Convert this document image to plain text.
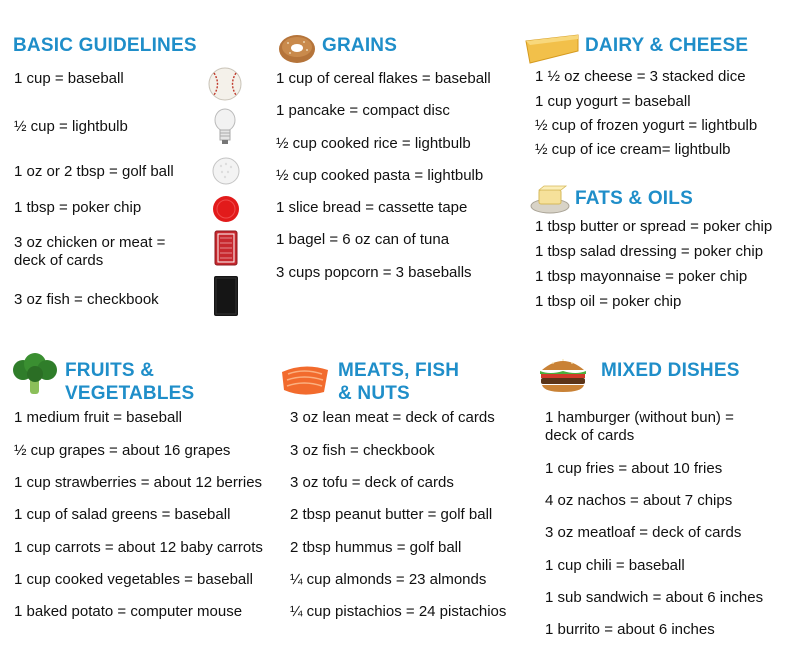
BASIC GUIDELINES
1 cup = baseball
½ cup = lightbulb
1 oz or 2 tbsp = golf ball
1 tbsp = poker chip
3 oz chicken or meat = deck of cards
3 oz fish = checkbook
GRAINS
1 cup of cereal flakes = baseball
1 pancake = compact disc
½ cup cooked rice = lightbulb
½ cup cooked pasta = lightbulb
1 slice bread = cassette tape
1 bagel = 6 oz can of tuna
3 cups popcorn = 3 baseballs
DAIRY & CHEESE
1 ½ oz cheese = 3 stacked dice
1 cup yogurt = baseball
½ cup of frozen yogurt = lightbulb
½ cup of ice cream= lightbulb
FATS & OILS
1 tbsp butter or spread = poker chip
1 tbsp salad dressing = poker chip
1 tbsp mayonnaise = poker chip
1 tbsp oil = poker chip
FRUITS &
VEGETABLES
1 medium fruit = baseball
½ cup grapes = about 16 grapes
1 cup strawberries = about 12 berries
1 cup of salad greens = baseball
1 cup carrots = about 12 baby carrots
1 cup cooked vegetables = baseball
1 baked potato = computer mouse
MEATS, FISH
& NUTS
3 oz lean meat = deck of cards
3 oz fish = checkbook
3 oz tofu = deck of cards
2 tbsp peanut butter = golf ball
2 tbsp hummus = golf ball
¼ cup almonds = 23 almonds
¼ cup pistachios = 24 pistachios
MIXED DISHES
1 hamburger (without bun) = deck of cards
1 cup fries = about 10 fries
4 oz nachos = about 7 chips
3 oz meatloaf = deck of cards
1 cup chili = baseball
1 sub sandwich = about 6 inches
1 burrito = about 6 inches
